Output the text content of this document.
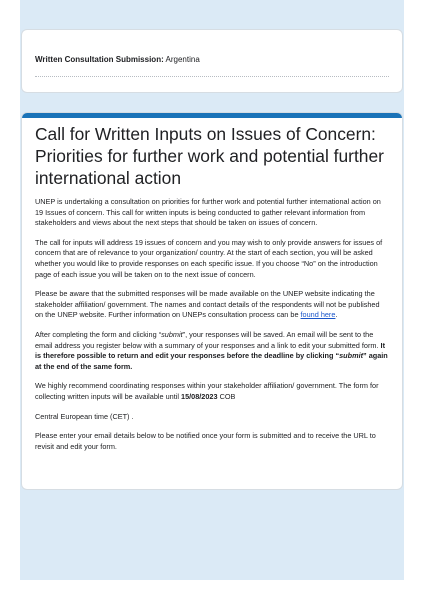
Written Consultation Submission: Argentina
Call for Written Inputs on Issues of Concern: Priorities for further work and potential further international action

UNEP is undertaking a consultation on priorities for further work and potential further international action on 19 Issues of concern. This call for written inputs is being conducted to gather relevant information from stakeholders and views about the next steps that should be taken on issues of concern.

The call for inputs will address 19 issues of concern and you may wish to only provide answers for issues of concern that are of relevance to your organization/ country. At the start of each section, you will be asked whether you would like to provide responses on each specific issue. If you choose “No” on the introduction page of each issue you will be taken on to the next issue of concern.

Please be aware that the submitted responses will be made available on the UNEP website indicating the stakeholder affiliation/ government. The names and contact details of the respondents will not be published on the UNEP website. Further information on UNEPs consultation process can be found here.

After completing the form and clicking “submit”, your responses will be saved. An email will be sent to the email address you register below with a summary of your responses and a link to edit your submitted form. It is therefore possible to return and edit your responses before the deadline by clicking “submit” again at the end of the same form.

We highly recommend coordinating responses within your stakeholder affiliation/ government. The form for collecting written inputs will be available until 15/08/2023 COB

Central European time (CET) .

Please enter your email details below to be notified once your form is submitted and to receive the URL to revisit and edit your form.
